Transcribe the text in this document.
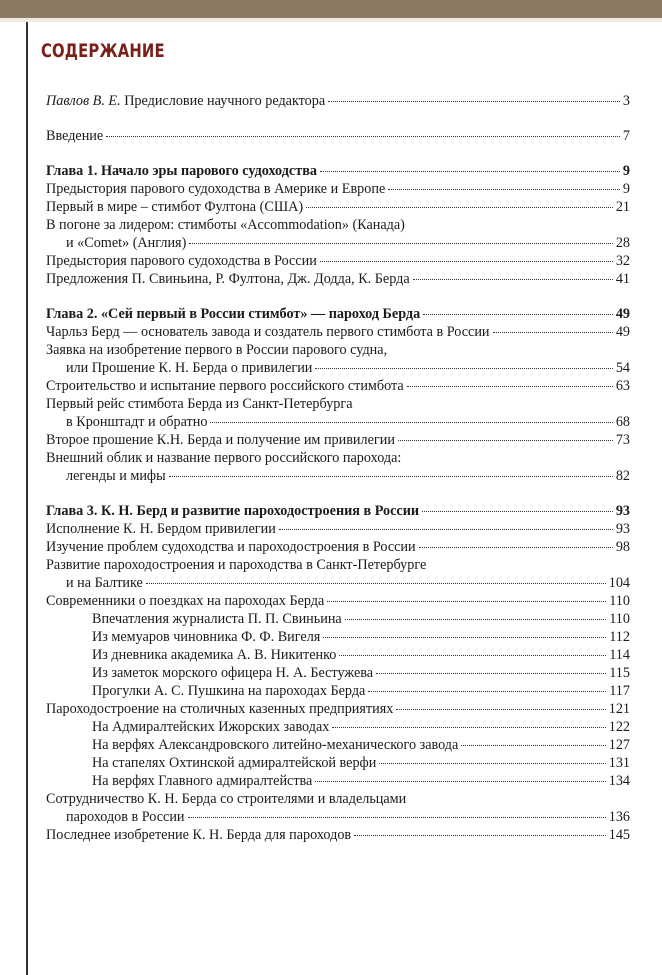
СОДЕРЖАНИЕ
Павлов В. Е. Предисловие научного редактора	3
Введение	7
Глава 1. Начало эры парового судоходства	9
Предыстория парового судоходства в Америке и Европе	9
Первый в мире – стимбот Фултона (США)	21
В погоне за лидером: стимботы «Accommodation» (Канада)
и «Comet» (Англия)	28
Предыстория парового судоходства в России	32
Предложения П. Свиньина, Р. Фултона, Дж. Додда, К. Берда	41
Глава 2. «Сей первый в России стимбот» — пароход Берда	49
Чарльз Берд — основатель завода и создатель первого стимбота в России	49
Заявка на изобретение первого в России парового судна,
или Прошение К. Н. Берда о привилегии	54
Строительство и испытание первого российского стимбота	63
Первый рейс стимбота Берда из Санкт-Петербурга
в Кронштадт и обратно	68
Второе прошение К.Н. Берда и получение им привилегии	73
Внешний облик и название первого российского парохода:
легенды и мифы	82
Глава 3. К. Н. Берд и развитие пароходостроения в России	93
Исполнение К. Н. Бердом привилегии	93
Изучение проблем судоходства и пароходостроения в России	98
Развитие пароходостроения и пароходства в Санкт-Петербурге
и на Балтике	104
Современники о поездках на пароходах Берда	110
Впечатления журналиста П. П. Свиньина	110
Из мемуаров чиновника Ф. Ф. Вигеля	112
Из дневника академика А. В. Никитенко	114
Из заметок морского офицера Н. А. Бестужева	115
Прогулки А. С. Пушкина на пароходах Берда	117
Пароходостроение на столичных казенных предприятиях	121
На Адмиралтейских Ижорских заводах	122
На верфях Александровского литейно-механического завода	127
На стапелях Охтинской адмиралтейской верфи	131
На верфях Главного адмиралтейства	134
Сотрудничество К. Н. Берда со строителями и владельцами
пароходов в России	136
Последнее изобретение К. Н. Берда для пароходов	145
